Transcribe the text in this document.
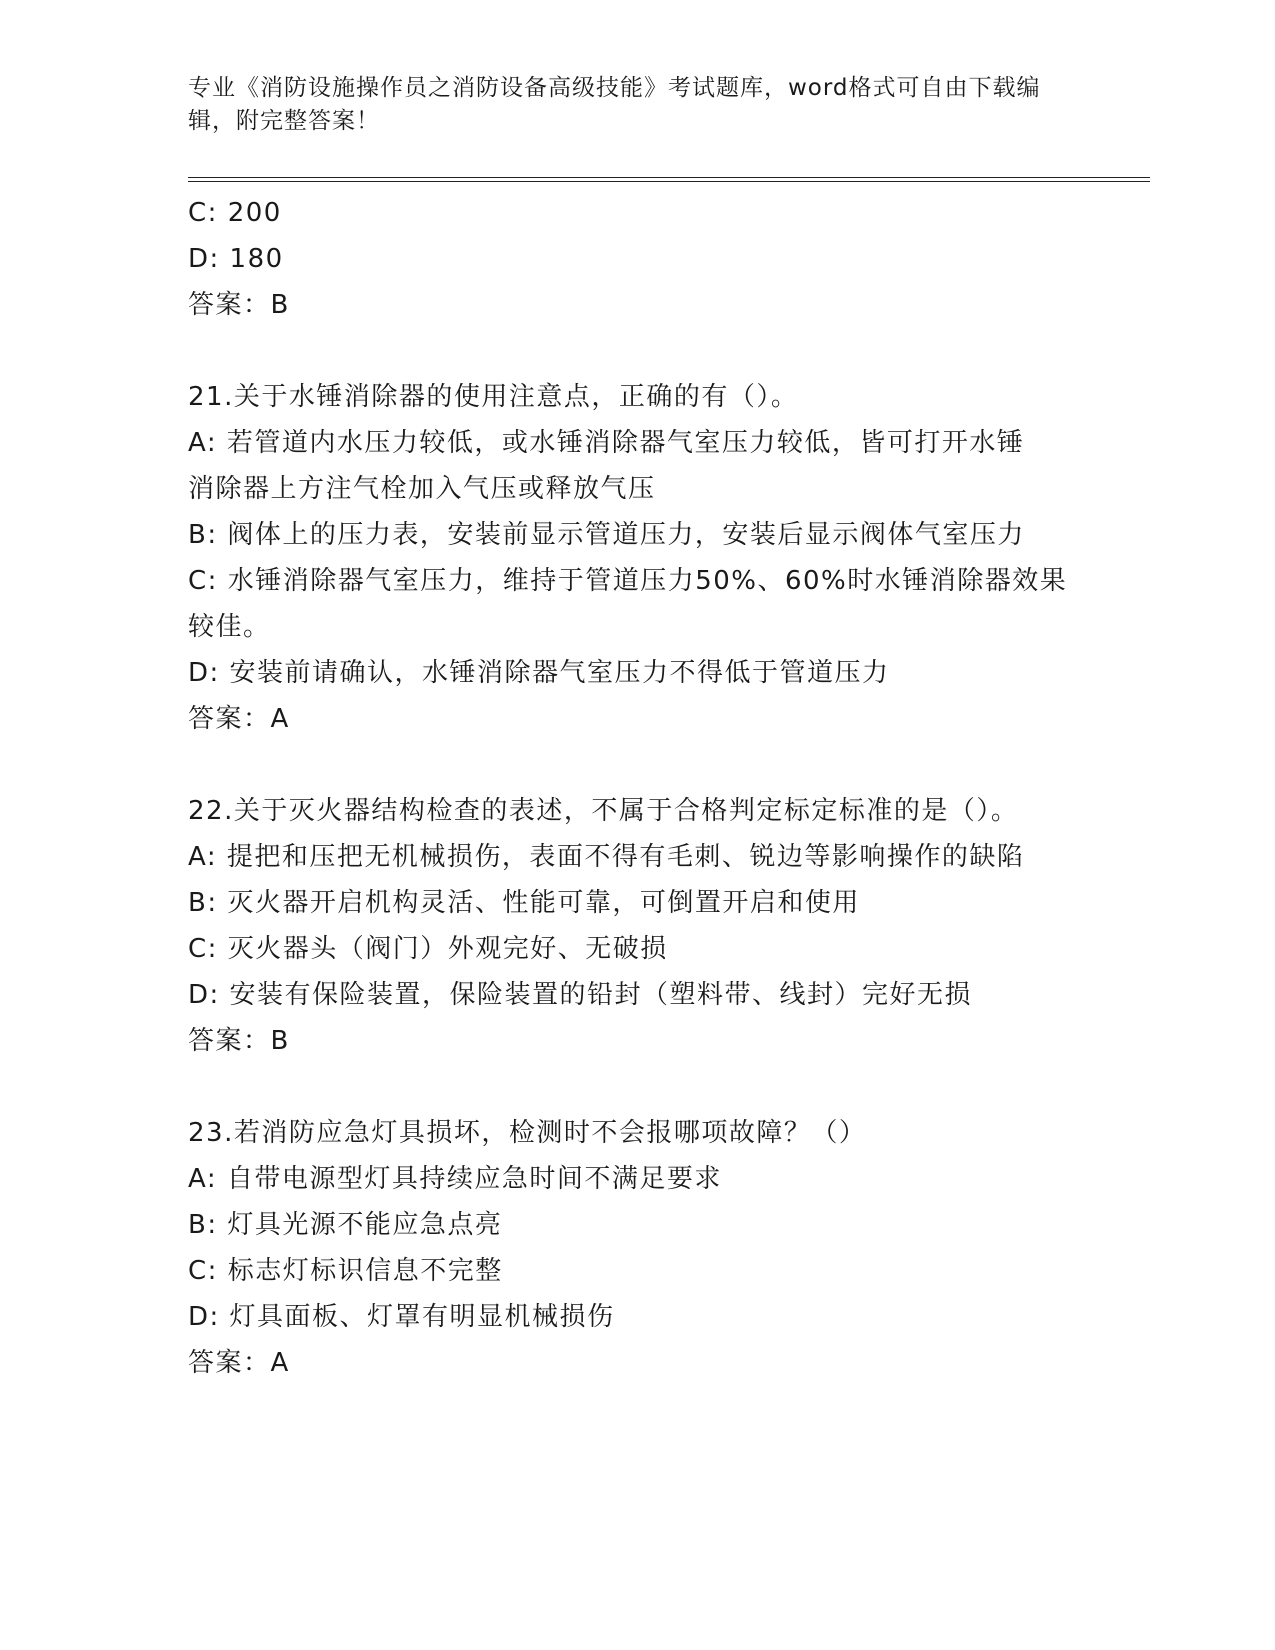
专业《消防设施操作员之消防设备高级技能》考试题库，word格式可自由下载编
辑，附完整答案！
C: 200
D: 180
答案：B
21.关于水锤消除器的使用注意点，正确的有（）。
A: 若管道内水压力较低，或水锤消除器气室压力较低，皆可打开水锤
消除器上方注气栓加入气压或释放气压
B: 阀体上的压力表，安装前显示管道压力，安装后显示阀体气室压力
C: 水锤消除器气室压力，维持于管道压力50%、60%时水锤消除器效果
较佳。
D: 安装前请确认，水锤消除器气室压力不得低于管道压力
答案：A
22.关于灭火器结构检查的表述，不属于合格判定标定标准的是（）。
A: 提把和压把无机械损伤，表面不得有毛刺、锐边等影响操作的缺陷
B: 灭火器开启机构灵活、性能可靠，可倒置开启和使用
C: 灭火器头（阀门）外观完好、无破损
D: 安装有保险装置，保险装置的铅封（塑料带、线封）完好无损
答案：B
23.若消防应急灯具损坏，检测时不会报哪项故障？（）
A: 自带电源型灯具持续应急时间不满足要求
B: 灯具光源不能应急点亮
C: 标志灯标识信息不完整
D: 灯具面板、灯罩有明显机械损伤
答案：A
